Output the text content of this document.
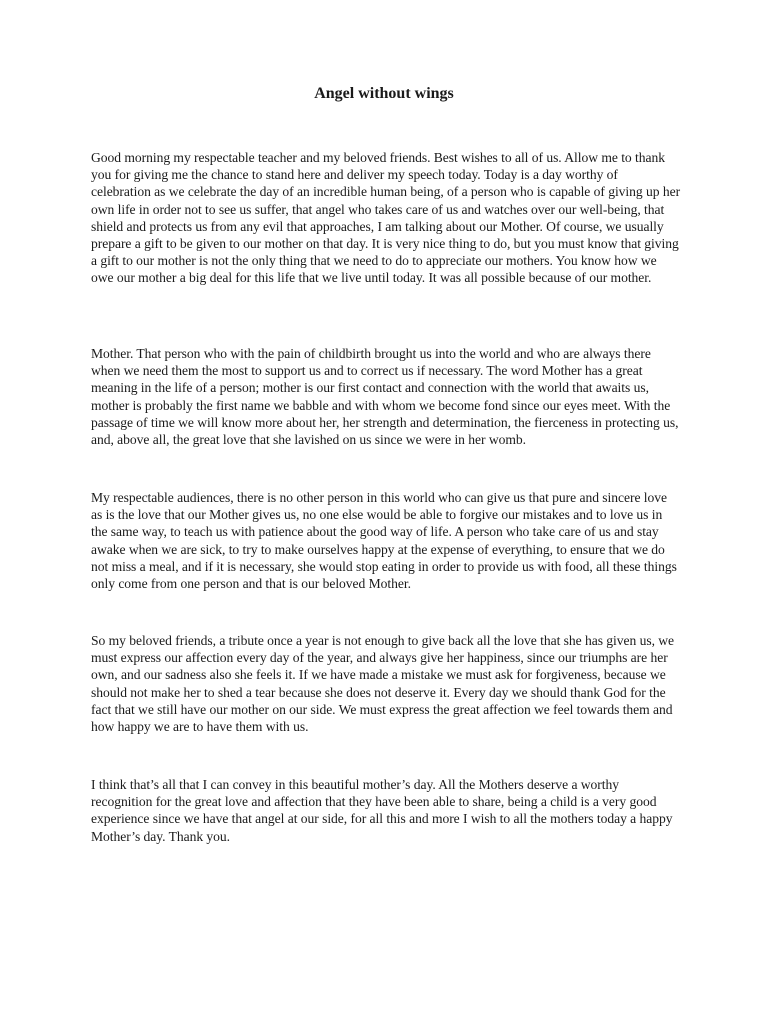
Angel without wings

Good morning my respectable teacher and my beloved friends. Best wishes to all of us. Allow me to thank you for giving me the chance to stand here and deliver my speech today. Today is a day worthy of celebration as we celebrate the day of an incredible human being, of a person who is capable of giving up her own life in order not to see us suffer, that angel who takes care of us and watches over our well-being, that shield and protects us from any evil that approaches, I am talking about our Mother. Of course, we usually prepare a gift to be given to our mother on that day. It is very nice thing to do, but you must know that giving a gift to our mother is not the only thing that we need to do to appreciate our mothers. You know how we owe our mother a big deal for this life that we live until today. It was all possible because of our mother.

Mother. That person who with the pain of childbirth brought us into the world and who are always there when we need them the most to support us and to correct us if necessary. The word Mother has a great meaning in the life of a person; mother is our first contact and connection with the world that awaits us, mother is probably the first name we babble and with whom we become fond since our eyes meet. With the passage of time we will know more about her, her strength and determination, the fierceness in protecting us, and, above all, the great love that she lavished on us since we were in her womb.

My respectable audiences, there is no other person in this world who can give us that pure and sincere love as is the love that our Mother gives us, no one else would be able to forgive our mistakes and to love us in the same way, to teach us with patience about the good way of life. A person who take care of us and stay awake when we are sick, to try to make ourselves happy at the expense of everything, to ensure that we do not miss a meal, and if it is necessary, she would stop eating in order to provide us with food, all these things only come from one person and that is our beloved Mother.

So my beloved friends, a tribute once a year is not enough to give back all the love that she has given us, we must express our affection every day of the year, and always give her happiness, since our triumphs are her own, and our sadness also she feels it. If we have made a mistake we must ask for forgiveness, because we should not make her to shed a tear because she does not deserve it. Every day we should thank God for the fact that we still have our mother on our side. We must express the great affection we feel towards them and how happy we are to have them with us.

I think that’s all that I can convey in this beautiful mother’s day. All the Mothers deserve a worthy recognition for the great love and affection that they have been able to share, being a child is a very good experience since we have that angel at our side, for all this and more I wish to all the mothers today a happy Mother’s day. Thank you.
